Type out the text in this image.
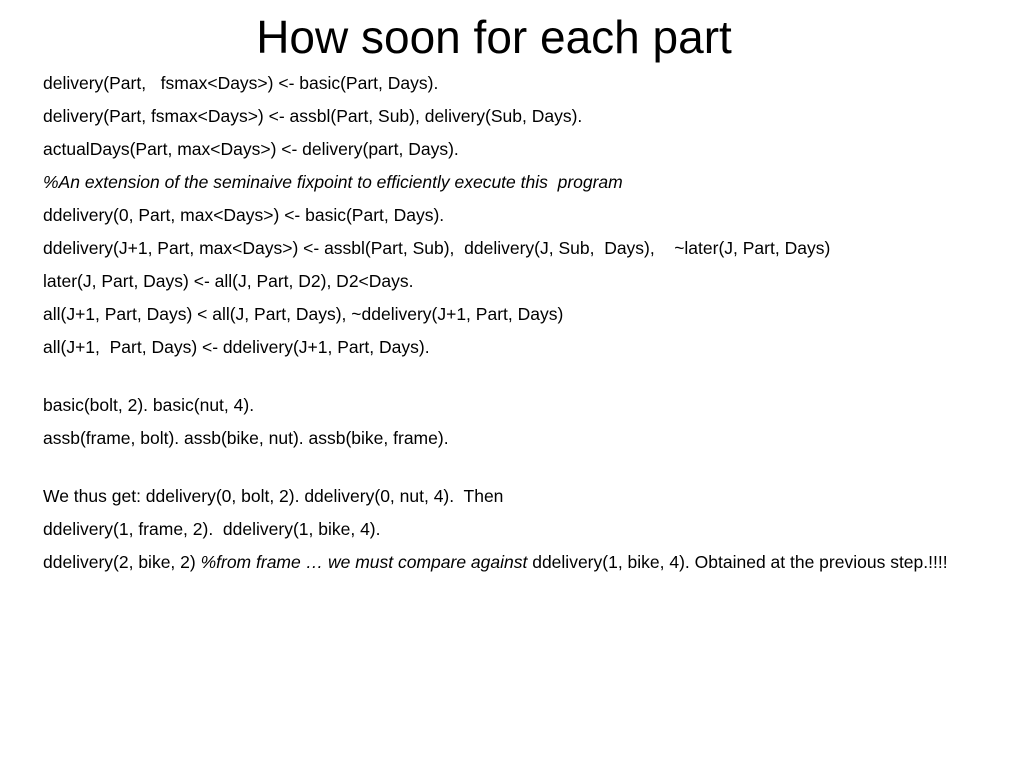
How soon for each part
delivery(Part,   fsmax<Days>) <- basic(Part, Days).
delivery(Part, fsmax<Days>) <- assbl(Part, Sub), delivery(Sub, Days).
actualDays(Part, max<Days>) <- delivery(part, Days).
%An extension of the seminaive fixpoint to efficiently execute this  program
ddelivery(0, Part, max<Days>) <- basic(Part, Days).
ddelivery(J+1, Part, max<Days>) <- assbl(Part, Sub),  ddelivery(J, Sub,  Days),    ~later(J, Part, Days)
later(J, Part, Days) <- all(J, Part, D2), D2<Days.
all(J+1, Part, Days) < all(J, Part, Days), ~ddelivery(J+1, Part, Days)
all(J+1,  Part, Days) <- ddelivery(J+1, Part, Days).
basic(bolt, 2). basic(nut, 4).
assb(frame, bolt). assb(bike, nut). assb(bike, frame).
We thus get: ddelivery(0, bolt, 2). ddelivery(0, nut, 4).  Then
ddelivery(1, frame, 2).  ddelivery(1, bike, 4).
ddelivery(2, bike, 2) %from frame … we must compare against ddelivery(1, bike, 4). Obtained at the previous step.!!!!
